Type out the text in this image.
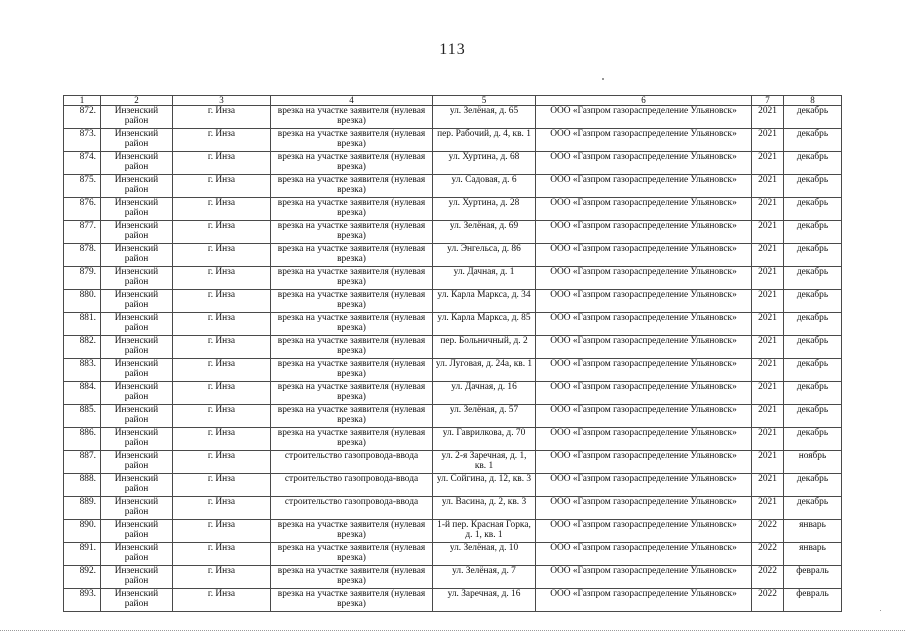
113
1	2	3	4	5	6	7	8
872.	Инзенский район	г. Инза	врезка на участке заявителя (нулевая врезка)	ул. Зелёная, д. 65	ООО «Газпром газораспределение Ульяновск»	2021	декабрь
873.	Инзенский район	г. Инза	врезка на участке заявителя (нулевая врезка)	пер. Рабочий, д. 4, кв. 1	ООО «Газпром газораспределение Ульяновск»	2021	декабрь
874.	Инзенский район	г. Инза	врезка на участке заявителя (нулевая врезка)	ул. Хуртина, д. 68	ООО «Газпром газораспределение Ульяновск»	2021	декабрь
875.	Инзенский район	г. Инза	врезка на участке заявителя (нулевая врезка)	ул. Садовая, д. 6	ООО «Газпром газораспределение Ульяновск»	2021	декабрь
876.	Инзенский район	г. Инза	врезка на участке заявителя (нулевая врезка)	ул. Хуртина, д. 28	ООО «Газпром газораспределение Ульяновск»	2021	декабрь
877.	Инзенский район	г. Инза	врезка на участке заявителя (нулевая врезка)	ул. Зелёная, д. 69	ООО «Газпром газораспределение Ульяновск»	2021	декабрь
878.	Инзенский район	г. Инза	врезка на участке заявителя (нулевая врезка)	ул. Энгельса, д. 86	ООО «Газпром газораспределение Ульяновск»	2021	декабрь
879.	Инзенский район	г. Инза	врезка на участке заявителя (нулевая врезка)	ул. Дачная, д. 1	ООО «Газпром газораспределение Ульяновск»	2021	декабрь
880.	Инзенский район	г. Инза	врезка на участке заявителя (нулевая врезка)	ул. Карла Маркса, д. 34	ООО «Газпром газораспределение Ульяновск»	2021	декабрь
881.	Инзенский район	г. Инза	врезка на участке заявителя (нулевая врезка)	ул. Карла Маркса, д. 85	ООО «Газпром газораспределение Ульяновск»	2021	декабрь
882.	Инзенский район	г. Инза	врезка на участке заявителя (нулевая врезка)	пер. Больничный, д. 2	ООО «Газпром газораспределение Ульяновск»	2021	декабрь
883.	Инзенский район	г. Инза	врезка на участке заявителя (нулевая врезка)	ул. Луговая, д. 24а, кв. 1	ООО «Газпром газораспределение Ульяновск»	2021	декабрь
884.	Инзенский район	г. Инза	врезка на участке заявителя (нулевая врезка)	ул. Дачная, д. 16	ООО «Газпром газораспределение Ульяновск»	2021	декабрь
885.	Инзенский район	г. Инза	врезка на участке заявителя (нулевая врезка)	ул. Зелёная, д. 57	ООО «Газпром газораспределение Ульяновск»	2021	декабрь
886.	Инзенский район	г. Инза	врезка на участке заявителя (нулевая врезка)	ул. Гаврилкова, д. 70	ООО «Газпром газораспределение Ульяновск»	2021	декабрь
887.	Инзенский район	г. Инза	строительство газопровода-ввода	ул. 2-я Заречная, д. 1, кв. 1	ООО «Газпром газораспределение Ульяновск»	2021	ноябрь
888.	Инзенский район	г. Инза	строительство газопровода-ввода	ул. Сойгина, д. 12, кв. 3	ООО «Газпром газораспределение Ульяновск»	2021	декабрь
889.	Инзенский район	г. Инза	строительство газопровода-ввода	ул. Васина, д. 2, кв. 3	ООО «Газпром газораспределение Ульяновск»	2021	декабрь
890.	Инзенский район	г. Инза	врезка на участке заявителя (нулевая врезка)	1-й пер. Красная Горка, д. 1, кв. 1	ООО «Газпром газораспределение Ульяновск»	2022	январь
891.	Инзенский район	г. Инза	врезка на участке заявителя (нулевая врезка)	ул. Зелёная, д. 10	ООО «Газпром газораспределение Ульяновск»	2022	январь
892.	Инзенский район	г. Инза	врезка на участке заявителя (нулевая врезка)	ул. Зелёная, д. 7	ООО «Газпром газораспределение Ульяновск»	2022	февраль
893.	Инзенский район	г. Инза	врезка на участке заявителя (нулевая врезка)	ул. Заречная, д. 16	ООО «Газпром газораспределение Ульяновск»	2022	февраль
